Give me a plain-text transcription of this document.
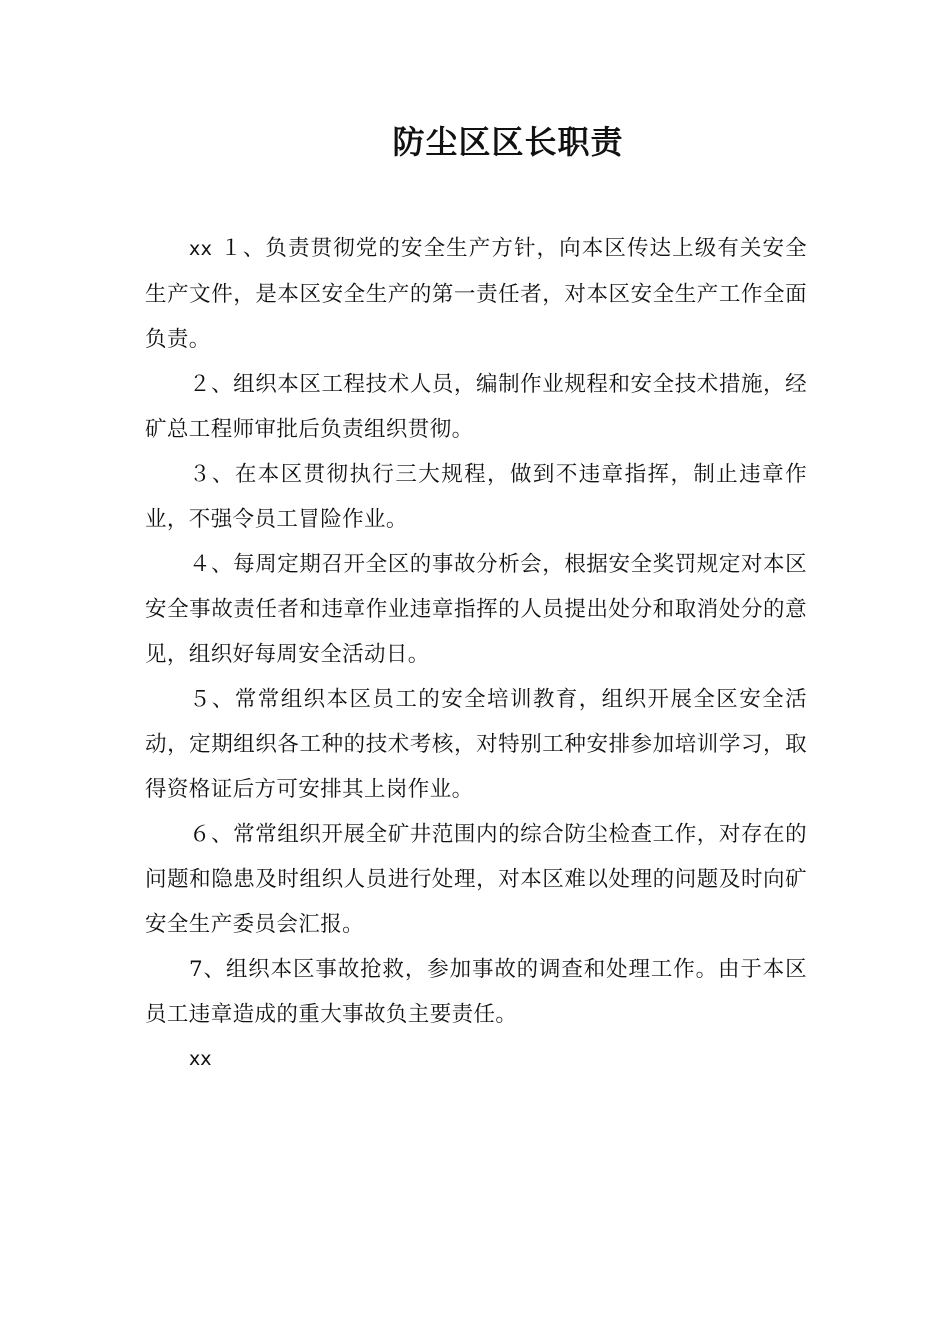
防尘区区长职责

xx １、负责贯彻党的安全生产方针，向本区传达上级有关安全生产文件，是本区安全生产的第一责任者，对本区安全生产工作全面负责。

２、组织本区工程技术人员，编制作业规程和安全技术措施，经矿总工程师审批后负责组织贯彻。

３、在本区贯彻执行三大规程，做到不违章指挥，制止违章作业，不强令员工冒险作业。

４、每周定期召开全区的事故分析会，根据安全奖罚规定对本区安全事故责任者和违章作业违章指挥的人员提出处分和取消处分的意见，组织好每周安全活动日。

５、常常组织本区员工的安全培训教育，组织开展全区安全活动，定期组织各工种的技术考核，对特别工种安排参加培训学习，取得资格证后方可安排其上岗作业。

６、常常组织开展全矿井范围内的综合防尘检查工作，对存在的问题和隐患及时组织人员进行处理，对本区难以处理的问题及时向矿安全生产委员会汇报。

7、组织本区事故抢救，参加事故的调查和处理工作。由于本区员工违章造成的重大事故负主要责任。

xx
